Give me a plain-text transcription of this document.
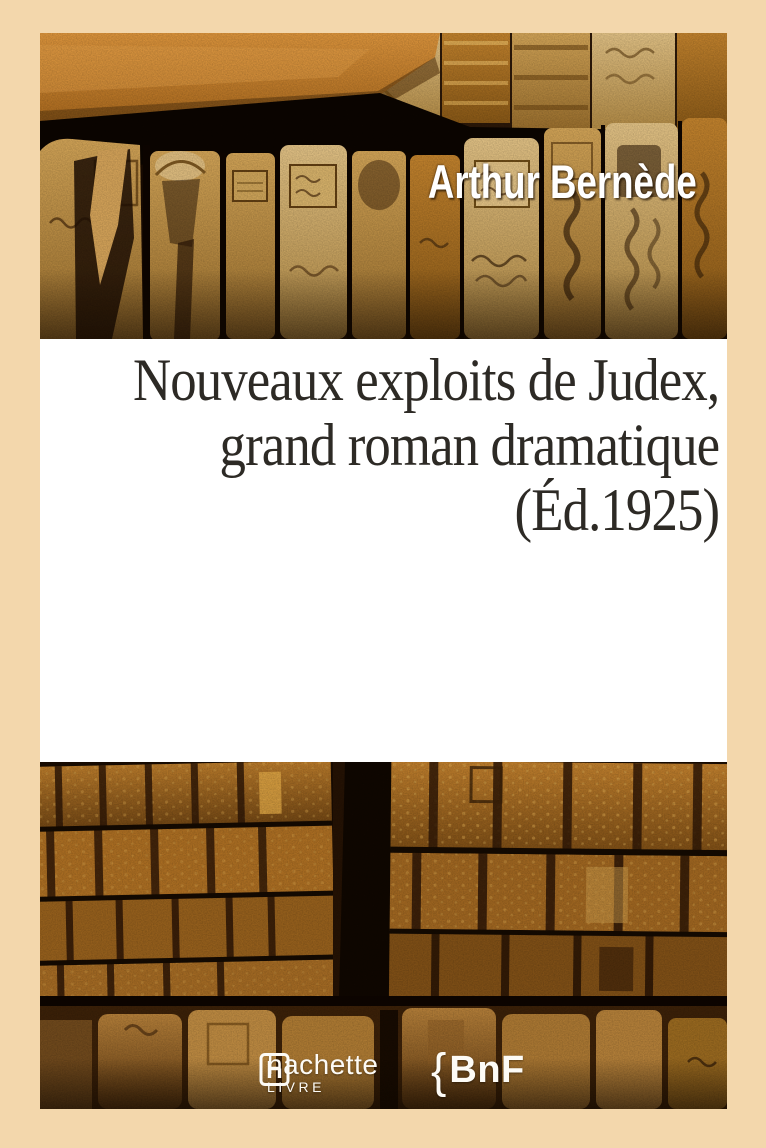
Arthur Bernède
Nouveaux exploits de Judex,
grand roman dramatique
(Éd.1925)
hachette
LIVRE	{ BnF
